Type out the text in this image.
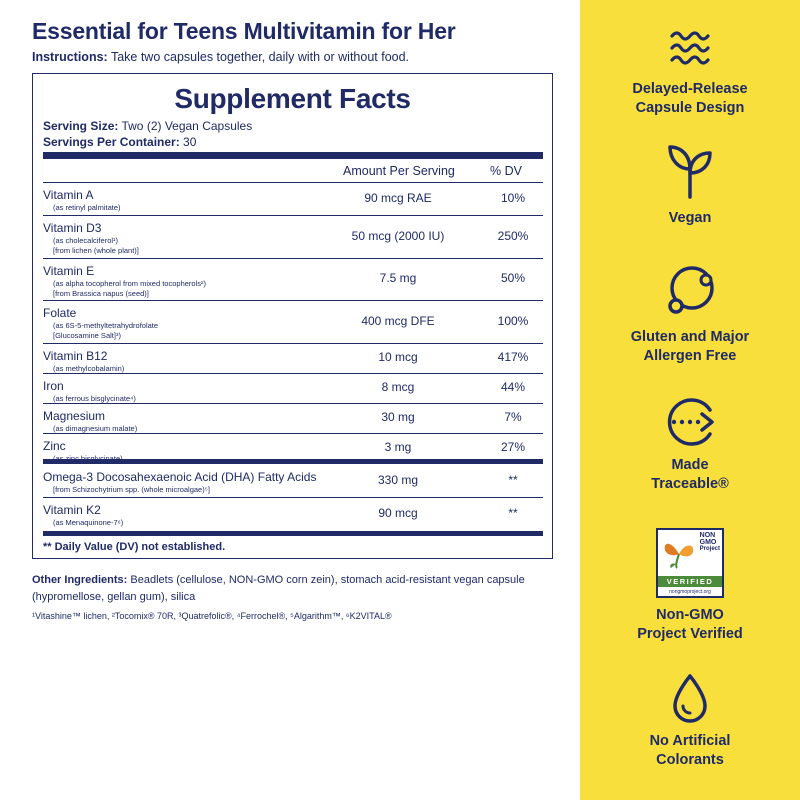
Essential for Teens Multivitamin for Her
Instructions: Take two capsules together, daily with or without food.
Supplement Facts
Serving Size: Two (2) Vegan Capsules
Servings Per Container: 30
Amount Per Serving	% DV
Vitamin A
(as retinyl palmitate)
90 mcg RAE	10%
Vitamin D3
(as cholecalciferol¹)
[from lichen (whole plant)]
50 mcg (2000 IU)	250%
Vitamin E
(as alpha tocopherol from mixed tocopherols²)
[from Brassica napus (seed)]
7.5 mg	50%
Folate
(as 6S-5-methyltetrahydrofolate
[Glucosamine Salt]³)
400 mcg DFE	100%
Vitamin B12
(as methylcobalamin)
10 mcg	417%
Iron
(as ferrous bisglycinate⁴)
8 mcg	44%
Magnesium
(as dimagnesium malate)
30 mg	7%
Zinc	3 mg	27%
Omega-3 Docosahexaenoic Acid (DHA) Fatty Acids
[from Schizochytrium spp. (whole microalgae)⁵]
330 mg	**
Vitamin K2
(as Menaquinone-7⁶)
90 mcg	**
** Daily Value (DV) not established.
Other Ingredients: Beadlets (cellulose, NON-GMO corn zein), stomach acid-resistant vegan capsule (hypromellose, gellan gum), silica
¹Vitashine™ lichen, ²Tocomix® 70R, ³Quatrefolic®, ⁴Ferrochel®, ⁵Algarithm™, ⁶K2VITAL®
Delayed-Release
Capsule Design
Vegan
Gluten and Major
Allergen Free
Made
Traceable®
NON
GMO
Project
VERIFIED
nongmoproject.org
Non-GMO
Project Verified
No Artificial
Colorants
